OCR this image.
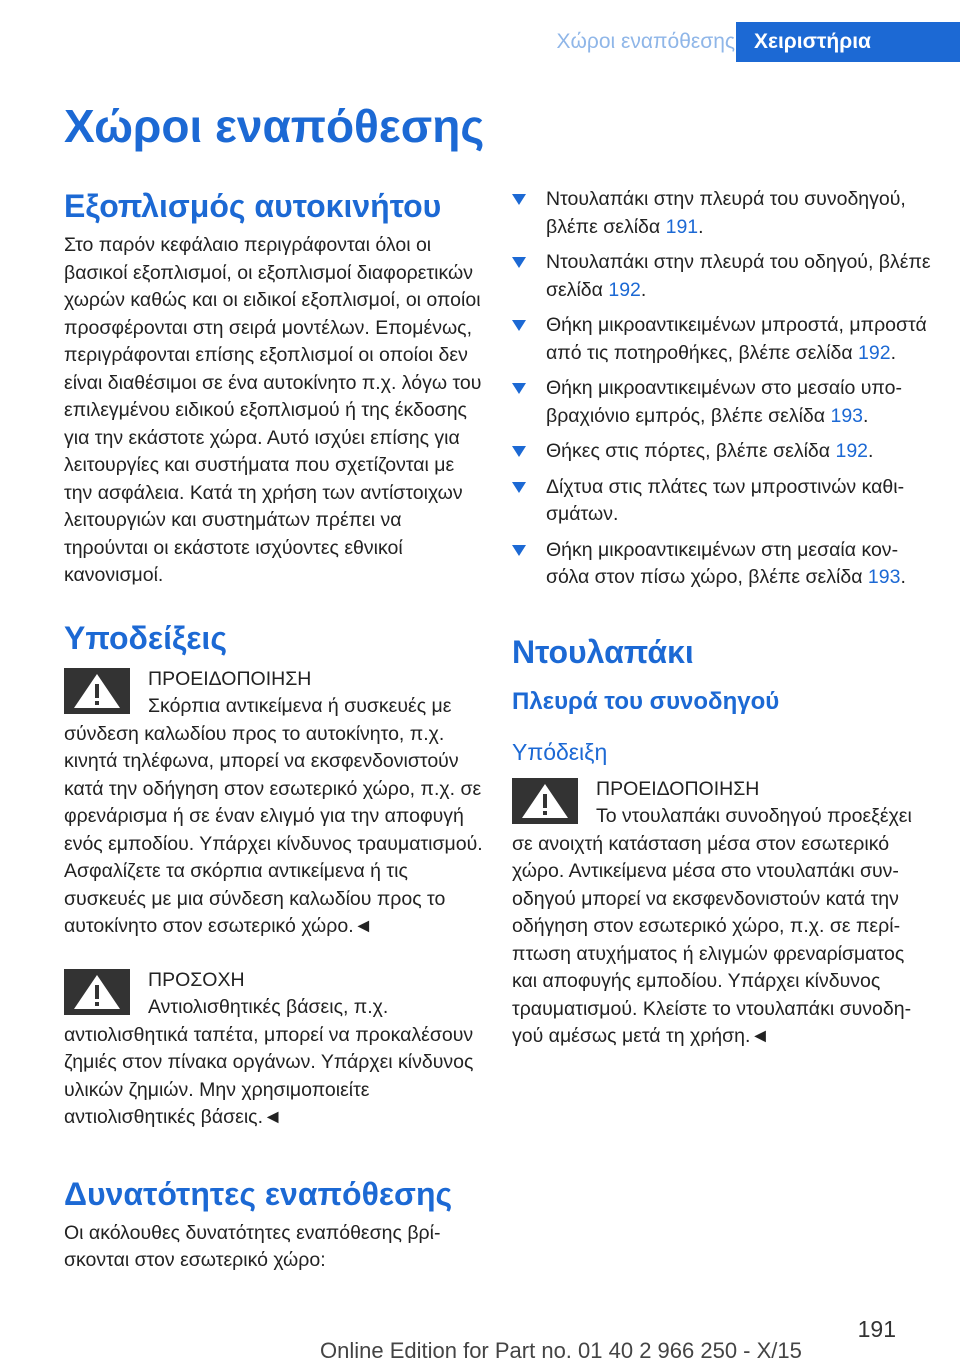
Χώροι εναπόθεσης Χειριστήρια
Χώροι εναπόθεσης
Εξοπλισμός αυτοκινήτου

Στο παρόν κεφάλαιο περιγράφονται όλοι οι βασικοί εξοπλισμοί, οι εξοπλισμοί διαφορετικών χωρών καθώς και οι ειδικοί εξοπλισμοί, οι οποίοι προσφέρονται στη σειρά μοντέλων. Επομένως, περιγράφονται επίσης εξοπλισμοί οι οποίοι δεν είναι διαθέσιμοι σε ένα αυτοκίνητο π.χ. λόγω του επιλεγμένου ειδικού εξοπλισμού ή της έκδοσης για την εκάστοτε χώρα. Αυτό ισχύει επίσης για λειτουργίες και συστήματα που σχετίζονται με την ασφάλεια. Κατά τη χρήση των αντίστοιχων λειτουργιών και συστημάτων πρέπει να τηρούνται οι εκάστοτε ισχύοντες εθνικοί κανονισμοί.

Υποδείξεις
ΠΡΟΕΙΔΟΠΟΙΗΣΗ

Σκόρπια αντικείμενα ή συσκευές με σύνδεση καλωδίου προς το αυτοκίνητο, π.χ. κινητά τηλέφωνα, μπορεί να εκσφενδονιστούν κατά την οδήγηση στον εσωτερικό χώρο, π.χ. σε φρενάρισμα ή σε έναν ελιγμό για την αποφυγή ενός εμποδίου. Υπάρχει κίνδυνος τραυματισμού. Ασφαλίζετε τα σκόρπια αντικείμενα ή τις συσκευές με μια σύνδεση καλωδίου προς το αυτοκίνητο στον εσωτερικό χώρο.◄

ΠΡΟΣΟΧΗ

Αντιολισθητικές βάσεις, π.χ. αντιολισθητικά ταπέτα, μπορεί να προκαλέσουν ζημιές στον πίνακα οργάνων. Υπάρχει κίνδυνος υλικών ζημιών. Μην χρησιμοποιείτε αντιολισθητικές βάσεις.◄

Δυνατότητες εναπόθεσης

Οι ακόλουθες δυνατότητες εναπόθεσης βρίσκονται στον εσωτερικό χώρο:

Ντουλαπάκι στην πλευρά του συνοδηγού, βλέπε σελίδα 191.
Ντουλαπάκι στην πλευρά του οδηγού, βλέπε σελίδα 192.
Θήκη μικροαντικειμένων μπροστά, μπροστά από τις ποτηροθήκες, βλέπε σελίδα 192.
Θήκη μικροαντικειμένων στο μεσαίο υποβραχιόνιο εμπρός, βλέπε σελίδα 193.
Θήκες στις πόρτες, βλέπε σελίδα 192.
Δίχτυα στις πλάτες των μπροστινών καθισμάτων.
Θήκη μικροαντικειμένων στη μεσαία κονσόλα στον πίσω χώρο, βλέπε σελίδα 193.
Ντουλαπάκι
Πλευρά του συνοδηγού
Υπόδειξη
ΠΡΟΕΙΔΟΠΟΙΗΣΗ

Το ντουλαπάκι συνοδηγού προεξέχει σε ανοιχτή κατάσταση μέσα στον εσωτερικό χώρο. Αντικείμενα μέσα στο ντουλαπάκι συνοδηγού μπορεί να εκσφενδονιστούν κατά την οδήγηση στον εσωτερικό χώρο, π.χ. σε περίπτωση ατυχήματος ή ελιγμών φρεναρίσματος και αποφυγής εμποδίου. Υπάρχει κίνδυνος τραυματισμού. Κλείστε το ντουλαπάκι συνοδηγού αμέσως μετά τη χρήση.◄

191
Online Edition for Part no. 01 40 2 966 250 - X/15
